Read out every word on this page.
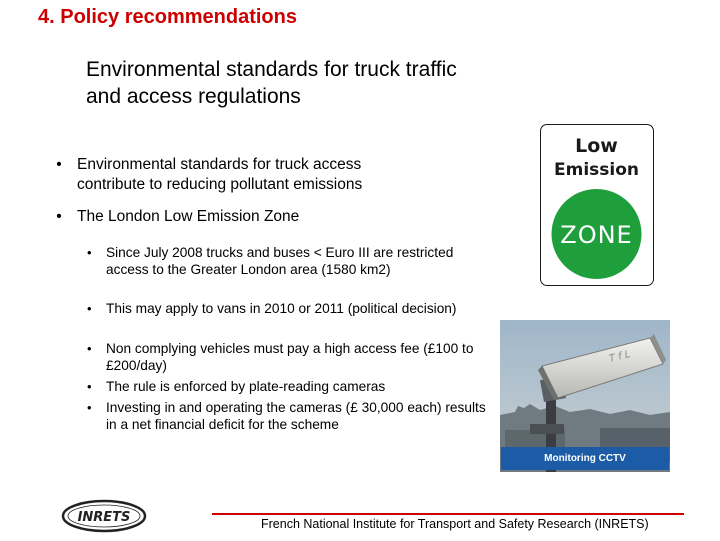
4. Policy recommendations
Environmental standards for truck traffic
and access regulations
• Environmental standards for truck access
contribute to reducing pollutant emissions
• The London Low Emission Zone
• Since July 2008 trucks and buses < Euro III are restricted access to the Greater London area (1580 km2)
• This may apply to vans in 2010 or 2011 (political decision)
• Non complying vehicles must pay a high access fee (£100 to £200/day)
• The rule is enforced by plate-reading cameras
• Investing in and operating the cameras (£ 30,000 each) results in a net financial deficit for the scheme
Low
Emission
ZONE
T f L
Monitoring CCTV
INRETS	French National Institute for Transport and Safety Research (INRETS)
